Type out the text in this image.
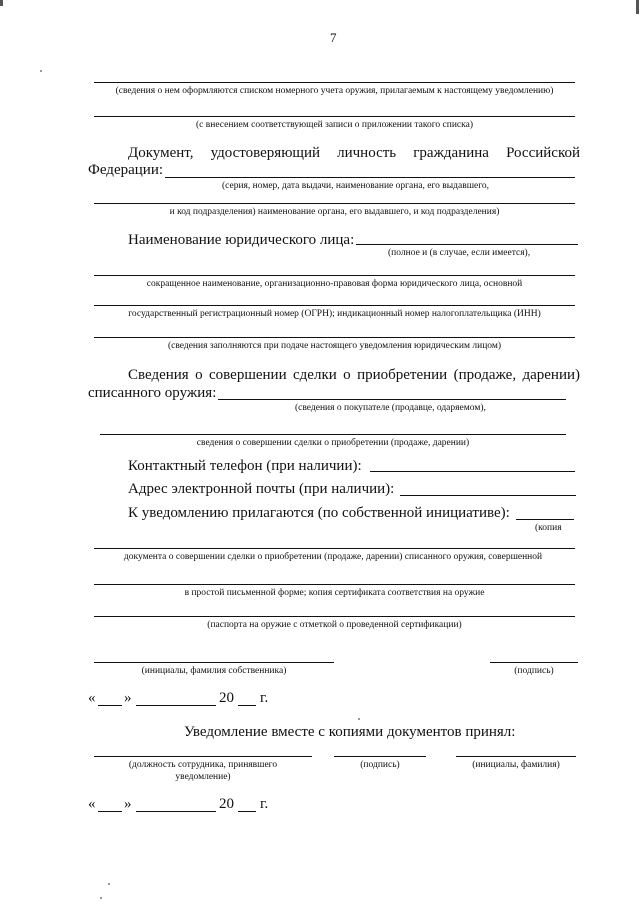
7
(сведения о нем оформляются списком номерного учета оружия, прилагаемым к настоящему уведомлению)
(с внесением соответствующей записи о приложении такого списка)
Документ, удостоверяющий личность гражданина Российской
Федерации:
(серия, номер, дата выдачи, наименование органа, его выдавшего,
и код подразделения) наименование органа, его выдавшего, и код подразделения)
Наименование юридического лица:
(полное и (в случае, если имеется),
сокращенное наименование, организационно-правовая форма юридического лица, основной
государственный регистрационный номер (ОГРН); индикационный номер налогоплательщика (ИНН)
(сведения заполняются при подаче настоящего уведомления юридическим лицом)
Сведения о совершении сделки о приобретении (продаже, дарении)
списанного оружия:
(сведения о покупателе (продавце, одаряемом),
сведения о совершении сделки о приобретении (продаже, дарении)
Контактный телефон (при наличии):
Адрес электронной почты (при наличии):
К уведомлению прилагаются (по собственной инициативе):
(копия
документа о совершении сделки о приобретении (продаже, дарении) списанного оружия, совершенной
в простой письменной форме; копия сертификата соответствия на оружие
(паспорта на оружие с отметкой о проведенной сертификации)
(инициалы, фамилия собственника)	(подпись)
« »	20 г.
Уведомление вместе с копиями документов принял:
(должность сотрудника, принявшего
уведомление)
(подпись)	(инициалы, фамилия)
« »	20 г.
